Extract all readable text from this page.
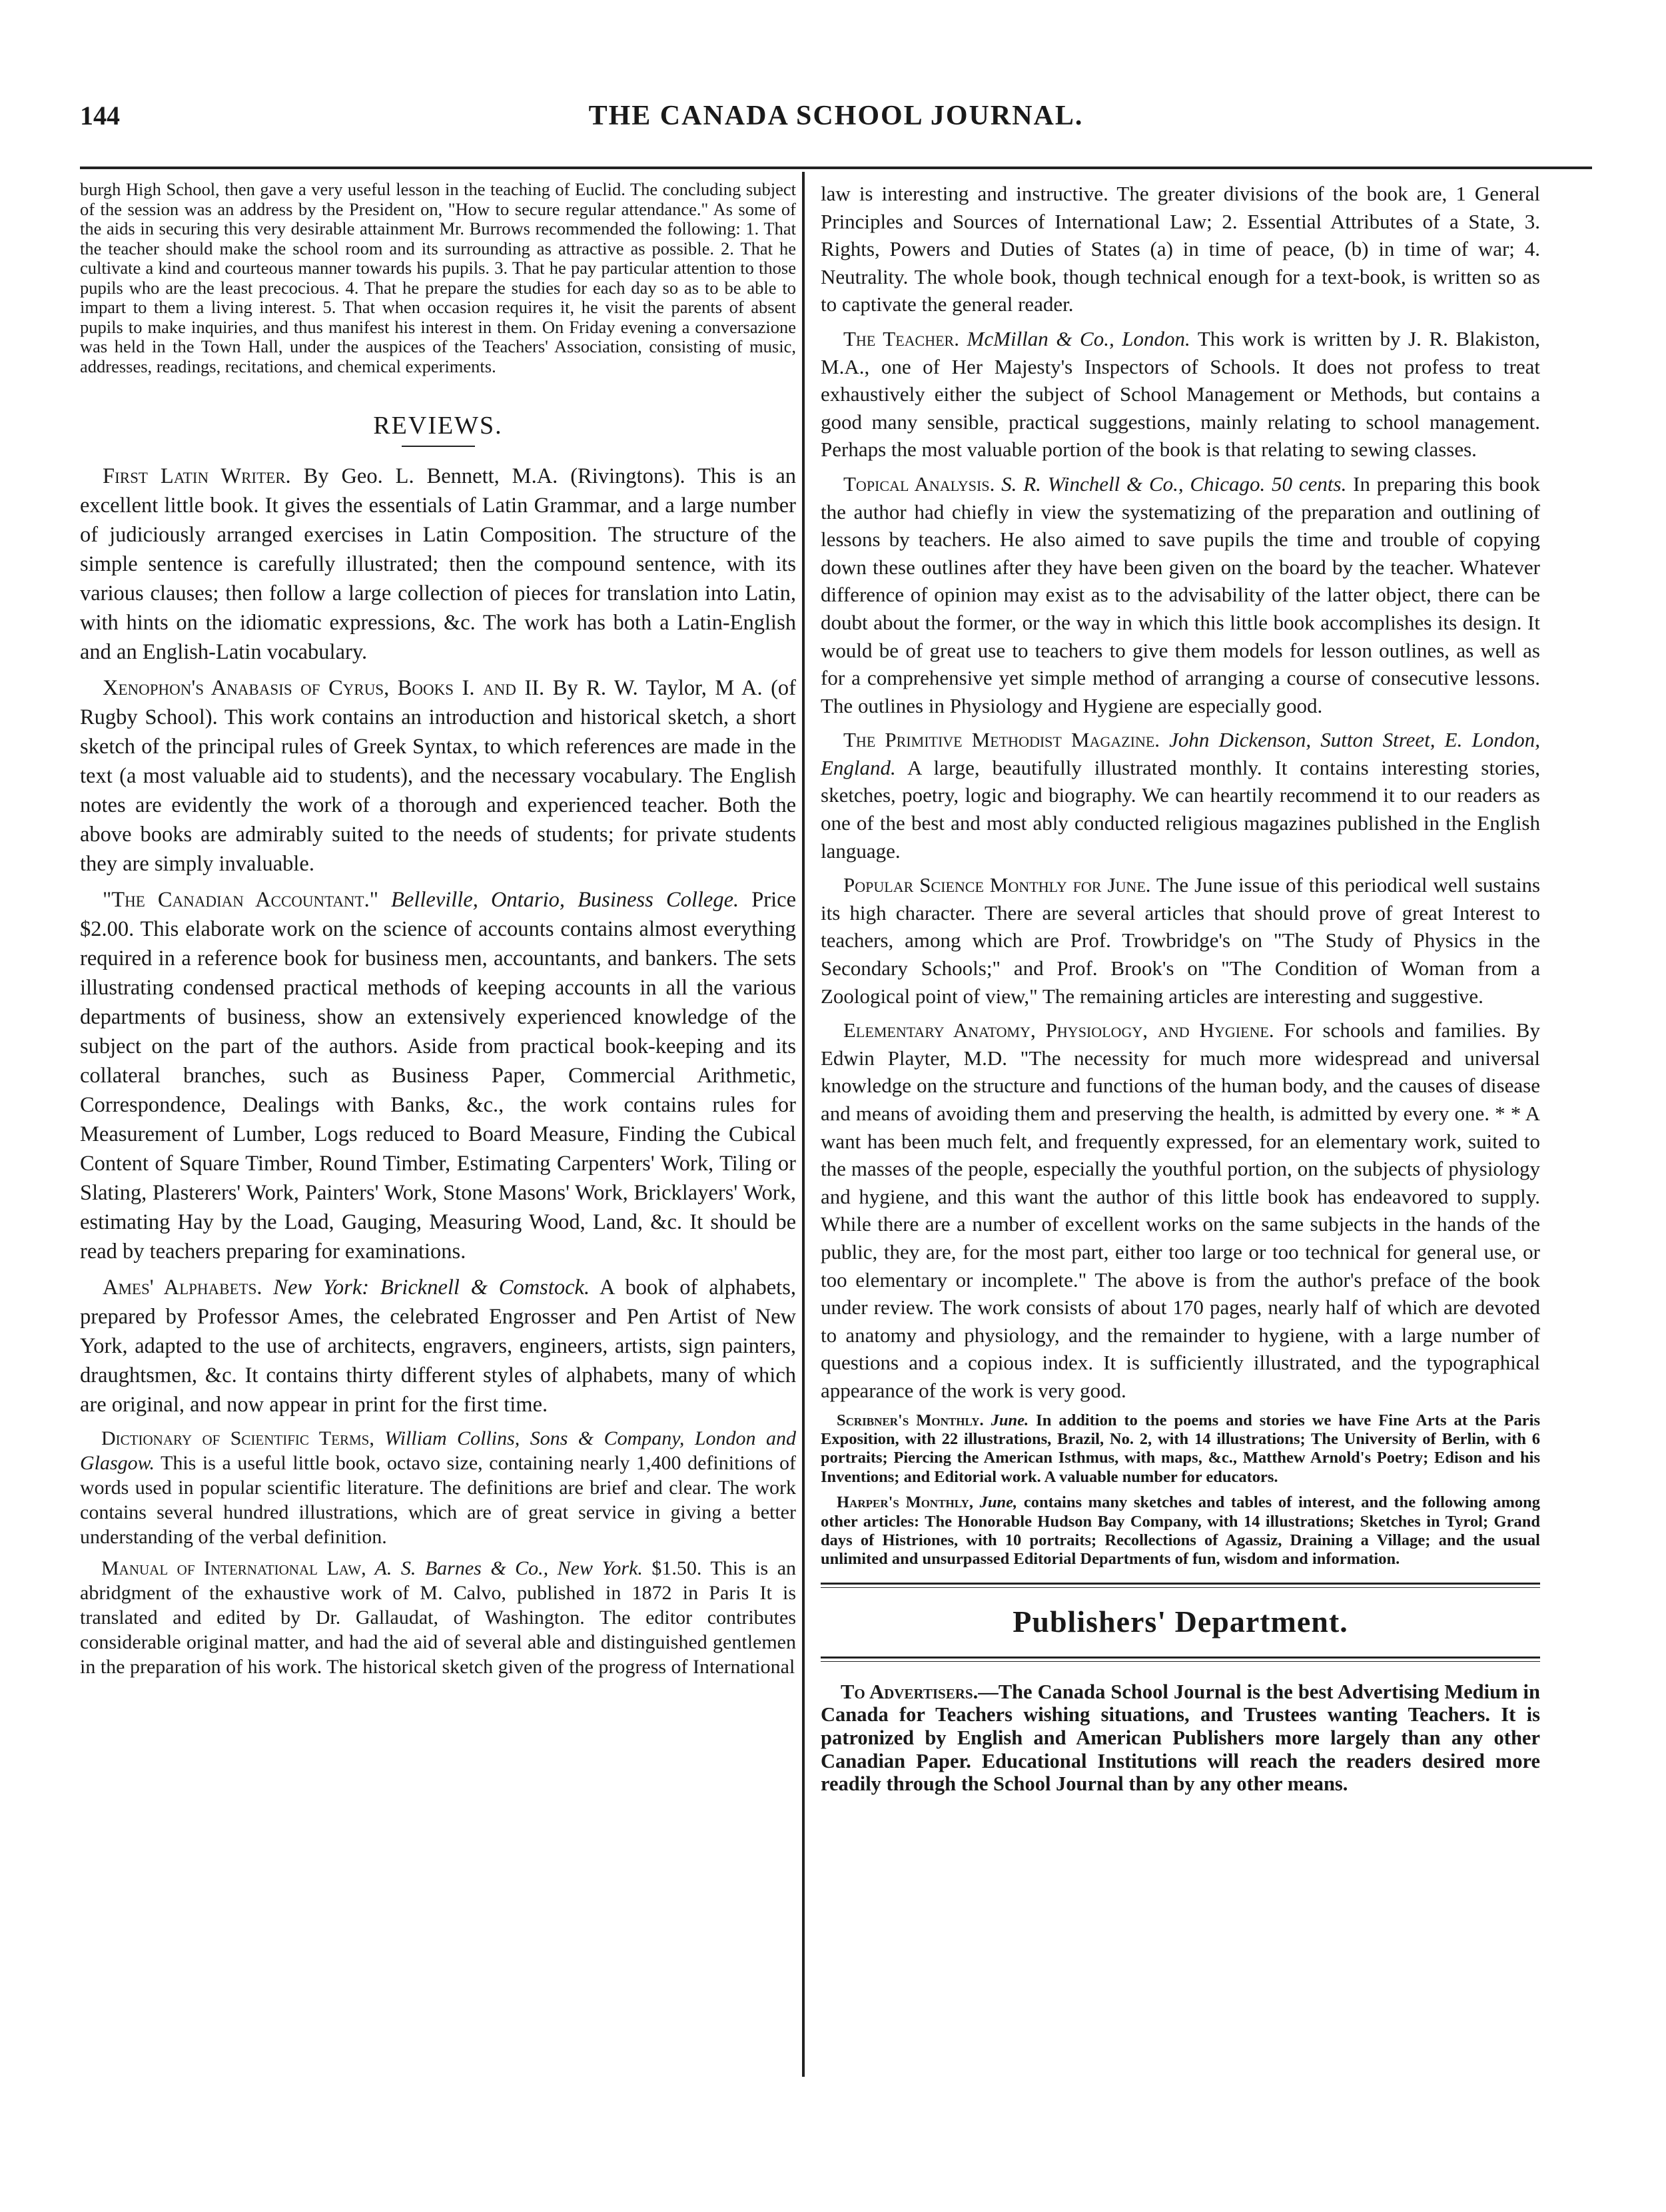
144	THE CANADA SCHOOL JOURNAL.

burgh High School, then gave a very useful lesson in the teaching of Euclid. The concluding subject of the session was an address by the President on, "How to secure regular attendance." As some of the aids in securing this very desirable attainment Mr. Burrows recommended the following: 1. That the teacher should make the school room and its surrounding as attractive as possible. 2. That he cultivate a kind and courteous manner towards his pupils. 3. That he pay particular attention to those pupils who are the least precocious. 4. That he prepare the studies for each day so as to be able to impart to them a living interest. 5. That when occasion requires it, he visit the parents of absent pupils to make inquiries, and thus manifest his interest in them. On Friday evening a conversazione was held in the Town Hall, under the auspices of the Teachers' Association, consisting of music, addresses, readings, recitations, and chemical experiments.

REVIEWS.

First Latin Writer. By Geo. L. Bennett, M.A. (Rivingtons). This is an excellent little book. It gives the essentials of Latin Grammar, and a large number of judiciously arranged exercises in Latin Composition. The structure of the simple sentence is carefully illustrated; then the compound sentence, with its various clauses; then follow a large collection of pieces for translation into Latin, with hints on the idiomatic expressions, &c. The work has both a Latin-English and an English-Latin vocabulary.

Xenophon's Anabasis of Cyrus, Books I. and II. By R. W. Taylor, M A. (of Rugby School). This work contains an introduction and historical sketch, a short sketch of the principal rules of Greek Syntax, to which references are made in the text (a most valuable aid to students), and the necessary vocabulary. The English notes are evidently the work of a thorough and experienced teacher. Both the above books are admirably suited to the needs of students; for private students they are simply invaluable.

"The Canadian Accountant." Belleville, Ontario, Business College. Price $2.00. This elaborate work on the science of accounts contains almost everything required in a reference book for business men, accountants, and bankers. The sets illustrating condensed practical methods of keeping accounts in all the various departments of business, show an extensively experienced knowledge of the subject on the part of the authors. Aside from practical book-keeping and its collateral branches, such as Business Paper, Commercial Arithmetic, Correspondence, Dealings with Banks, &c., the work contains rules for Measurement of Lumber, Logs reduced to Board Measure, Finding the Cubical Content of Square Timber, Round Timber, Estimating Carpenters' Work, Tiling or Slating, Plasterers' Work, Painters' Work, Stone Masons' Work, Bricklayers' Work, estimating Hay by the Load, Gauging, Measuring Wood, Land, &c. It should be read by teachers preparing for examinations.

Ames' Alphabets. New York: Bricknell & Comstock. A book of alphabets, prepared by Professor Ames, the celebrated Engrosser and Pen Artist of New York, adapted to the use of architects, engravers, engineers, artists, sign painters, draughtsmen, &c. It contains thirty different styles of alphabets, many of which are original, and now appear in print for the first time.

Dictionary of Scientific Terms, William Collins, Sons & Company, London and Glasgow. This is a useful little book, octavo size, containing nearly 1,400 definitions of words used in popular scientific literature. The definitions are brief and clear. The work contains several hundred illustrations, which are of great service in giving a better understanding of the verbal definition.

Manual of International Law, A. S. Barnes & Co., New York. $1.50. This is an abridgment of the exhaustive work of M. Calvo, published in 1872 in Paris It is translated and edited by Dr. Gallaudat, of Washington. The editor contributes considerable original matter, and had the aid of several able and distinguished gentlemen in the preparation of his work. The historical sketch given of the progress of International

law is interesting and instructive. The greater divisions of the book are, 1 General Principles and Sources of International Law; 2. Essential Attributes of a State, 3. Rights, Powers and Duties of States (a) in time of peace, (b) in time of war; 4. Neutrality. The whole book, though technical enough for a text-book, is written so as to captivate the general reader.

The Teacher. McMillan & Co., London. This work is written by J. R. Blakiston, M.A., one of Her Majesty's Inspectors of Schools. It does not profess to treat exhaustively either the subject of School Management or Methods, but contains a good many sensible, practical suggestions, mainly relating to school management. Perhaps the most valuable portion of the book is that relating to sewing classes.

Topical Analysis. S. R. Winchell & Co., Chicago. 50 cents. In preparing this book the author had chiefly in view the systematizing of the preparation and outlining of lessons by teachers. He also aimed to save pupils the time and trouble of copying down these outlines after they have been given on the board by the teacher. Whatever difference of opinion may exist as to the advisability of the latter object, there can be doubt about the former, or the way in which this little book accomplishes its design. It would be of great use to teachers to give them models for lesson outlines, as well as for a comprehensive yet simple method of arranging a course of consecutive lessons. The outlines in Physiology and Hygiene are especially good.

The Primitive Methodist Magazine. John Dickenson, Sutton Street, E. London, England. A large, beautifully illustrated monthly. It contains interesting stories, sketches, poetry, logic and biography. We can heartily recommend it to our readers as one of the best and most ably conducted religious magazines published in the English language.

Popular Science Monthly for June. The June issue of this periodical well sustains its high character. There are several articles that should prove of great Interest to teachers, among which are Prof. Trowbridge's on "The Study of Physics in the Secondary Schools;" and Prof. Brook's on "The Condition of Woman from a Zoological point of view," The remaining articles are interesting and suggestive.

Elementary Anatomy, Physiology, and Hygiene. For schools and families. By Edwin Playter, M.D. "The necessity for much more widespread and universal knowledge on the structure and functions of the human body, and the causes of disease and means of avoiding them and preserving the health, is admitted by every one. * * A want has been much felt, and frequently expressed, for an elementary work, suited to the masses of the people, especially the youthful portion, on the subjects of physiology and hygiene, and this want the author of this little book has endeavored to supply. While there are a number of excellent works on the same subjects in the hands of the public, they are, for the most part, either too large or too technical for general use, or too elementary or incomplete." The above is from the author's preface of the book under review. The work consists of about 170 pages, nearly half of which are devoted to anatomy and physiology, and the remainder to hygiene, with a large number of questions and a copious index. It is sufficiently illustrated, and the typographical appearance of the work is very good.

Scribner's Monthly. June. In addition to the poems and stories we have Fine Arts at the Paris Exposition, with 22 illustrations, Brazil, No. 2, with 14 illustrations; The University of Berlin, with 6 portraits; Piercing the American Isthmus, with maps, &c., Matthew Arnold's Poetry; Edison and his Inventions; and Editorial work. A valuable number for educators.

Harper's Monthly, June, contains many sketches and tables of interest, and the following among other articles: The Honorable Hudson Bay Company, with 14 illustrations; Sketches in Tyrol; Grand days of Histriones, with 10 portraits; Recollections of Agassiz, Draining a Village; and the usual unlimited and unsurpassed Editorial Departments of fun, wisdom and information.

Publishers' Department.

To Advertisers.—The Canada School Journal is the best Advertising Medium in Canada for Teachers wishing situations, and Trustees wanting Teachers. It is patronized by English and American Publishers more largely than any other Canadian Paper. Educational Institutions will reach the readers desired more readily through the School Journal than by any other means.
